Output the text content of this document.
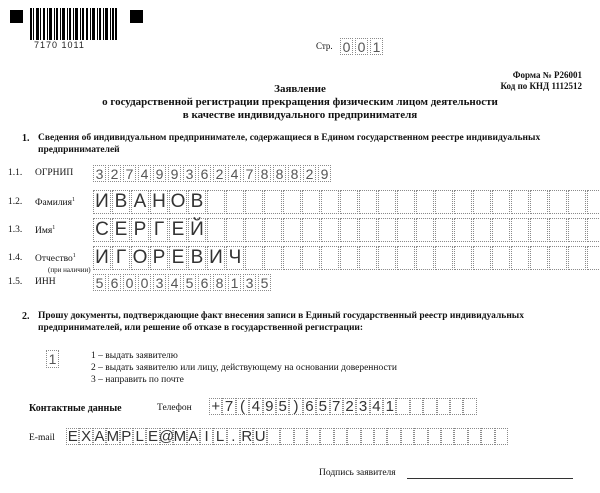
7170 1011	Стр. 0 0 1
Форма № Р26001
Код по КНД 1112512
Заявление
о государственной регистрации прекращения физическим лицом деятельности
в качестве индивидуального предпринимателя
1. Сведения об индивидуальном предпринимателе, содержащиеся в Едином государственном реестре индивидуальных
предпринимателей
1.1. ОГРНИП 3 2 7 4 9 9 3 6 2 4 7 8 8 8 2 9
1.2. Фамилия$^1$ И В А Н О В
1.3. Имя$^1$ С Е Р Г Е Й
1.4. Отчество$^1$
(при наличии)
И Г О Р Е В И Ч
1.5. ИНН	5 6 0 0 3 4 5 6 8 1 3 5
2. Прошу документы, подтверждающие факт внесения записи в Единый государственный реестр индивидуальных
предпринимателей, или решение об отказе в государственной регистрации:
1	1 – выдать заявителю
2 – выдать заявителю или лицу, действующему на основании доверенности
3 – направить по почте
Контактные данные	Телефон + 7 ( 4 9 5 ) 6 5 7 2 3 4 1
E-mail E X A M P L E @ M A I L . R U
Подпись заявителя
